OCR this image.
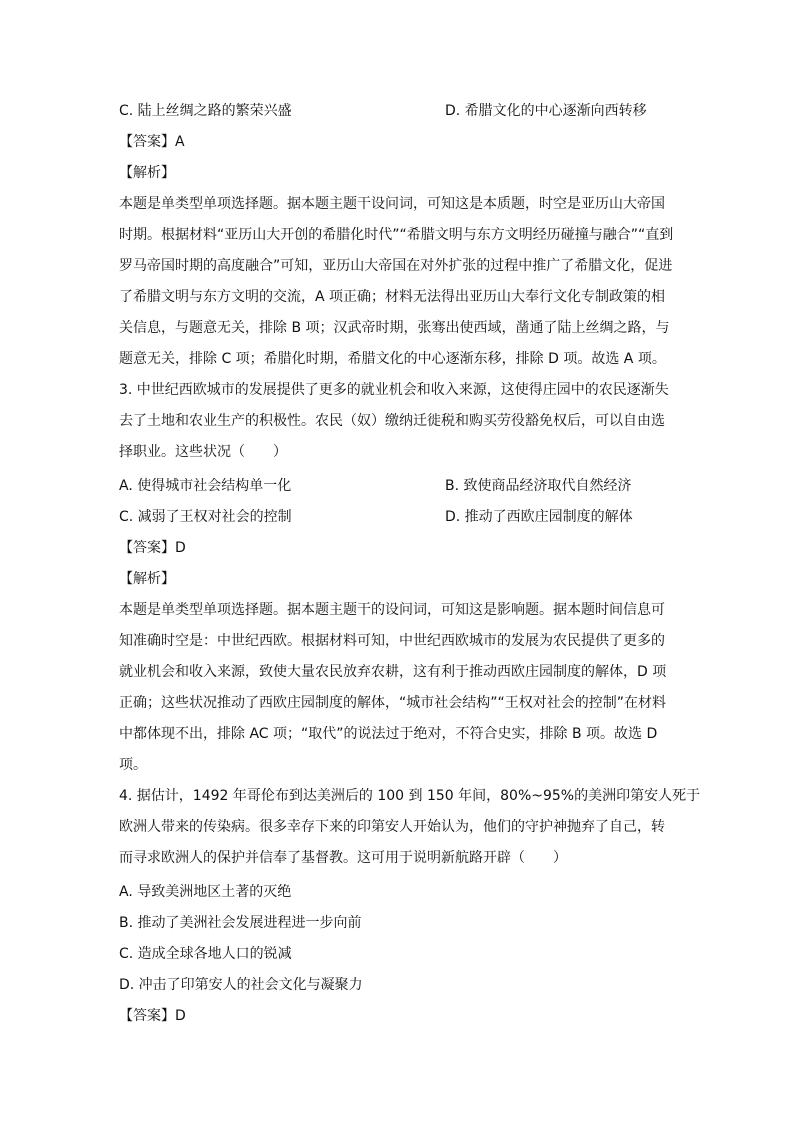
C. 陆上丝绸之路的繁荣兴盛	D. 希腊文化的中心逐渐向西转移
【答案】A
【解析】
本题是单类型单项选择题。据本题主题干设问词，可知这是本质题，时空是亚历山大帝国
时期。根据材料“亚历山大开创的希腊化时代”“希腊文明与东方文明经历碰撞与融合”“直到
罗马帝国时期的高度融合”可知，亚历山大帝国在对外扩张的过程中推广了希腊文化，促进
了希腊文明与东方文明的交流，A 项正确；材料无法得出亚历山大奉行文化专制政策的相
关信息，与题意无关，排除 B 项；汉武帝时期，张骞出使西域，凿通了陆上丝绸之路，与
题意无关，排除 C 项；希腊化时期，希腊文化的中心逐渐东移，排除 D 项。故选 A 项。
3. 中世纪西欧城市的发展提供了更多的就业机会和收入来源，这使得庄园中的农民逐渐失
去了土地和农业生产的积极性。农民（奴）缴纳迁徙税和购买劳役豁免权后，可以自由选
择职业。这些状况（　　）
A. 使得城市社会结构单一化	B. 致使商品经济取代自然经济
C. 减弱了王权对社会的控制	D. 推动了西欧庄园制度的解体
【答案】D
【解析】
本题是单类型单项选择题。据本题主题干的设问词，可知这是影响题。据本题时间信息可
知准确时空是：中世纪西欧。根据材料可知，中世纪西欧城市的发展为农民提供了更多的
就业机会和收入来源，致使大量农民放弃农耕，这有利于推动西欧庄园制度的解体，D 项
正确；这些状况推动了西欧庄园制度的解体，“城市社会结构”“王权对社会的控制”在材料
中都体现不出，排除 AC 项；“取代”的说法过于绝对，不符合史实，排除 B 项。故选 D
项。
4. 据估计，1492 年哥伦布到达美洲后的 100 到 150 年间，80%~95%的美洲印第安人死于
欧洲人带来的传染病。很多幸存下来的印第安人开始认为，他们的守护神抛弃了自己，转
而寻求欧洲人的保护并信奉了基督教。这可用于说明新航路开辟（　　）
A. 导致美洲地区土著的灭绝
B. 推动了美洲社会发展进程进一步向前
C. 造成全球各地人口的锐减
D. 冲击了印第安人的社会文化与凝聚力
【答案】D
